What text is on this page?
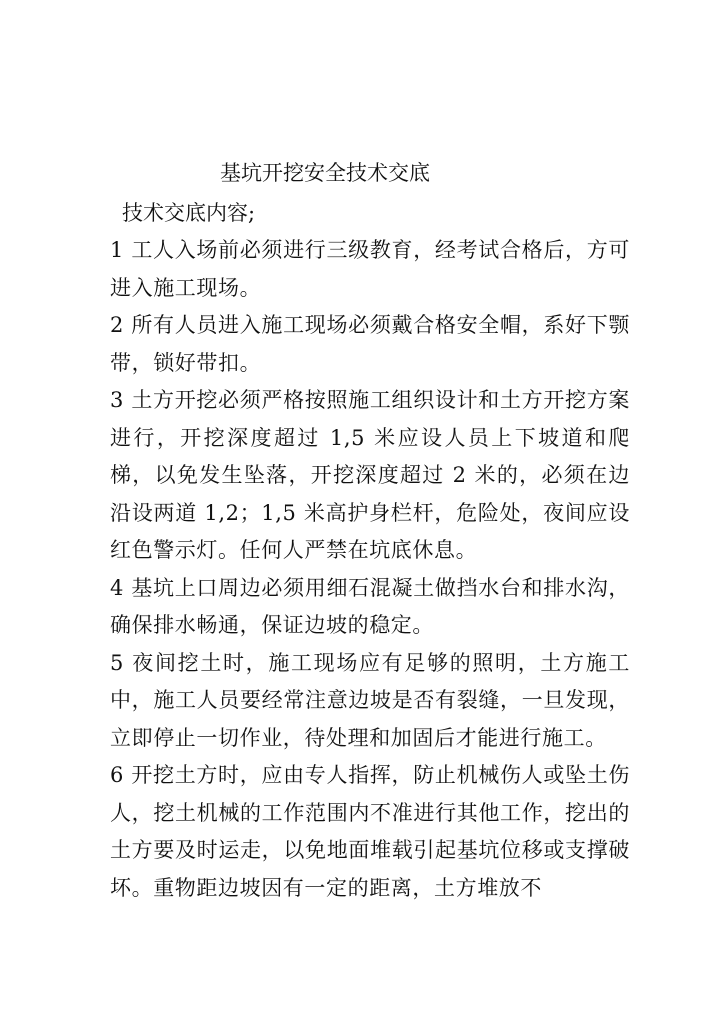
基坑开挖安全技术交底
技术交底内容;

1 工人入场前必须进行三级教育，经考试合格后，方可进入施工现场。

2 所有人员进入施工现场必须戴合格安全帽，系好下颚带，锁好带扣。

3 土方开挖必须严格按照施工组织设计和土方开挖方案进行，开挖深度超过 1,5 米应设人员上下坡道和爬梯，以免发生坠落，开挖深度超过 2 米的，必须在边沿设两道 1,2；1,5 米高护身栏杆，危险处，夜间应设红色警示灯。任何人严禁在坑底休息。

4 基坑上口周边必须用细石混凝土做挡水台和排水沟，确保排水畅通，保证边坡的稳定。

5 夜间挖土时，施工现场应有足够的照明，土方施工中，施工人员要经常注意边坡是否有裂缝，一旦发现，立即停止一切作业，待处理和加固后才能进行施工。

6 开挖土方时，应由专人指挥，防止机械伤人或坠土伤人，挖土机械的工作范围内不准进行其他工作，挖出的土方要及时运走，以免地面堆载引起基坑位移或支撑破坏。重物距边坡因有一定的距离，土方堆放不
